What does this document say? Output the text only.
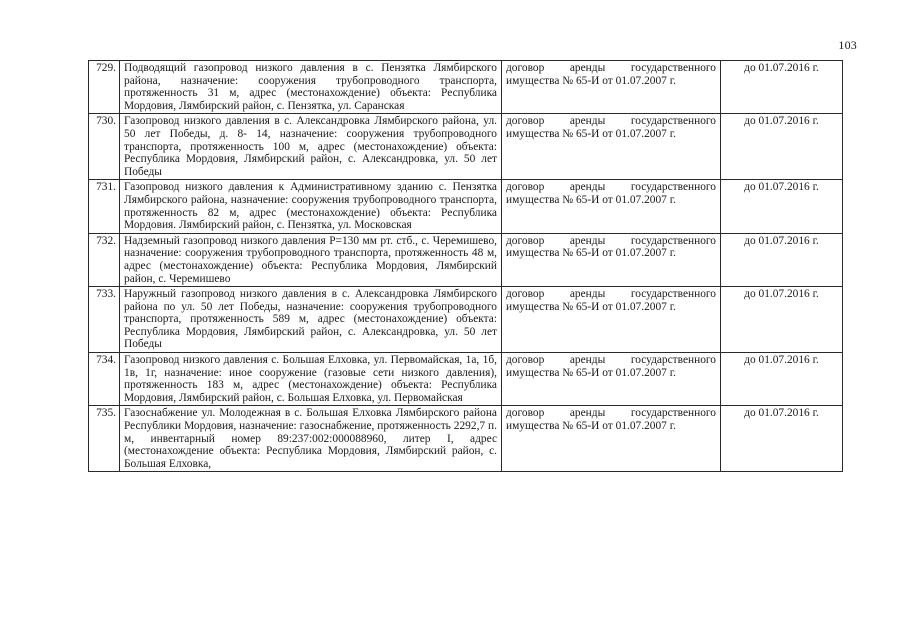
103
729.	Подводящий газопровод низкого давления в с. Пензятка Лямбирского района, назначение: сооружения трубопроводного транспорта, протяженность 31 м, адрес (местонахождение) объекта: Республика Мордовия, Лямбирский район, с. Пензятка, ул. Саранская	договор аренды государственного имущества № 65-И от 01.07.2007 г.	до 01.07.2016 г.
730.	Газопровод низкого давления в с. Александровка Лямбирского района, ул. 50 лет Победы, д. 8- 14, назначение: сооружения трубопроводного транспорта, протяженность 100 м, адрес (местонахождение) объекта: Республика Мордовия, Лямбирский район, с. Александровка, ул. 50 лет Победы	договор аренды государственного имущества № 65-И от 01.07.2007 г.	до 01.07.2016 г.
731.	Газопровод низкого давления к Административному зданию с. Пензятка Лямбирского района, назначение: сооружения трубопроводного транспорта, протяженность 82 м, адрес (местонахождение) объекта: Республика Мордовия. Лямбирский район, с. Пензятка, ул. Московская	договор аренды государственного имущества № 65-И от 01.07.2007 г.	до 01.07.2016 г.
732.	Надземный газопровод низкого давления Р=130 мм рт. стб., с. Черемишево, назначение: сооружения трубопроводного транспорта, протяженность 48 м, адрес (местонахождение) объекта: Республика Мордовия, Лямбирский район, с. Черемишево	договор аренды государственного имущества № 65-И от 01.07.2007 г.	до 01.07.2016 г.
733.	Наружный газопровод низкого давления в с. Александровка Лямбирского района по ул. 50 лет Победы, назначение: сооружения трубопроводного транспорта, протяженность 589 м, адрес (местонахождение) объекта: Республика Мордовия, Лямбирский район, с. Александровка, ул. 50 лет Победы	договор аренды государственного имущества № 65-И от 01.07.2007 г.	до 01.07.2016 г.
734.	Газопровод низкого давления с. Большая Елховка, ул. Первомайская, 1а, 1б, 1в, 1г, назначение: иное сооружение (газовые сети низкого давления), протяженность 183 м, адрес (местонахождение) объекта: Республика Мордовия, Лямбирский район, с. Большая Елховка, ул. Первомайская	договор аренды государственного имущества № 65-И от 01.07.2007 г.	до 01.07.2016 г.
735.	Газоснабжение ул. Молодежная в с. Большая Елховка Лямбирского района Республики Мордовия, назначение: газоснабжение, протяженность 2292,7 п. м, инвентарный номер 89:237:002:000088960, литер I, адрес (местонахождение объекта: Республика Мордовия, Лямбирский район, с. Большая Елховка,	договор аренды государственного имущества № 65-И от 01.07.2007 г.	до 01.07.2016 г.
